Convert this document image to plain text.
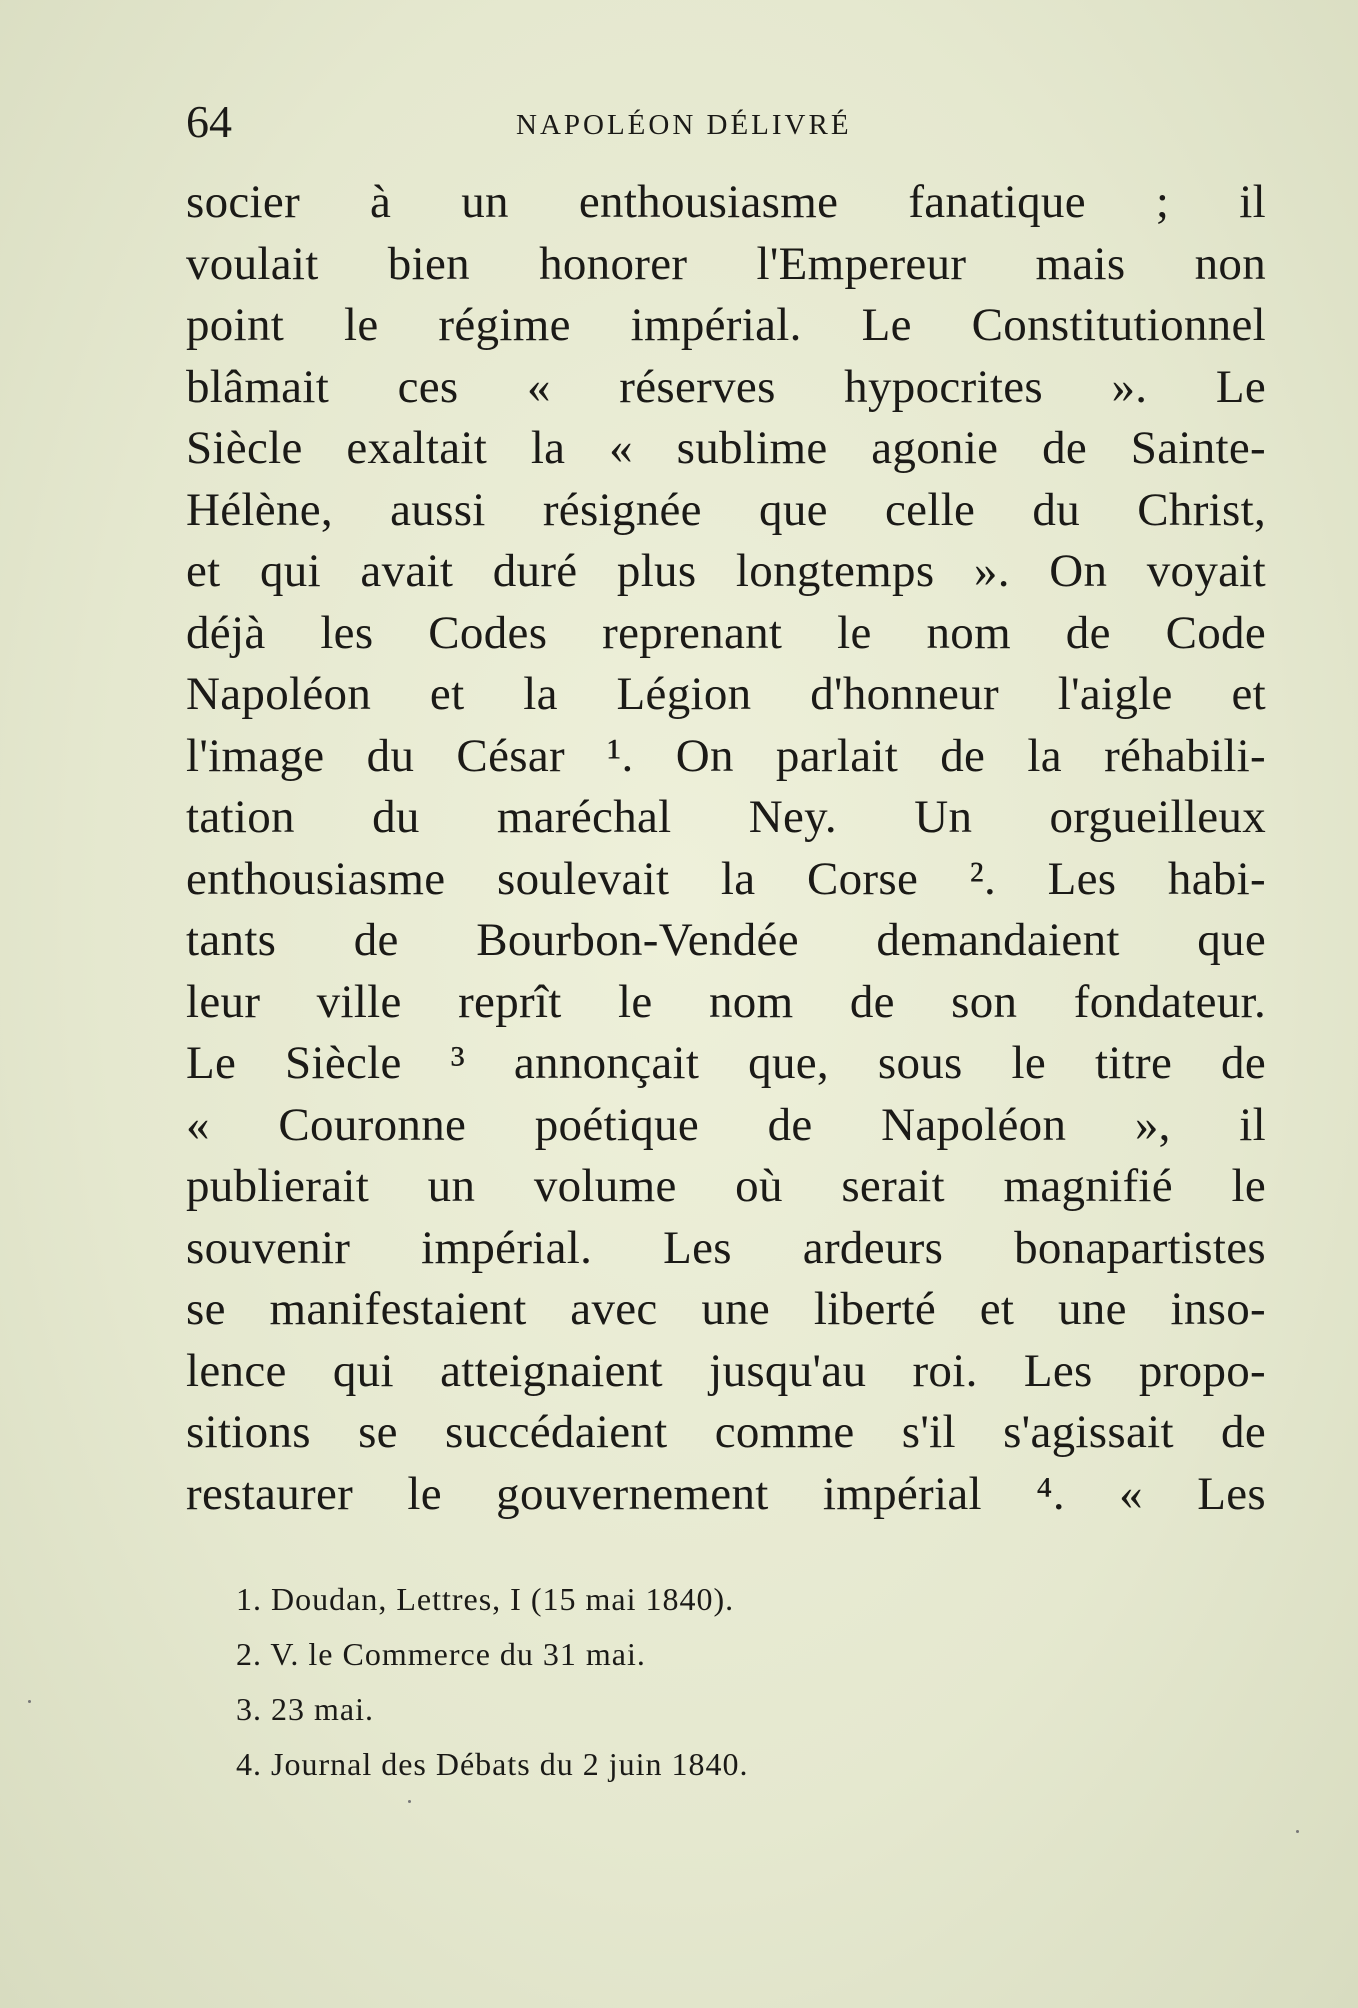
64	NAPOLÉON DÉLIVRÉ
socier à un enthousiasme fanatique ; il
voulait bien honorer l'Empereur mais non
point le régime impérial. Le Constitutionnel
blâmait ces « réserves hypocrites ». Le
Siècle exaltait la « sublime agonie de Sainte-
Hélène, aussi résignée que celle du Christ,
et qui avait duré plus longtemps ». On voyait
déjà les Codes reprenant le nom de Code
Napoléon et la Légion d'honneur l'aigle et
l'image du César ¹. On parlait de la réhabili-
tation du maréchal Ney. Un orgueilleux
enthousiasme soulevait la Corse ². Les habi-
tants de Bourbon-Vendée demandaient que
leur ville reprît le nom de son fondateur.
Le Siècle ³ annonçait que, sous le titre de
« Couronne poétique de Napoléon », il
publierait un volume où serait magnifié le
souvenir impérial. Les ardeurs bonapartistes
se manifestaient avec une liberté et une inso-
lence qui atteignaient jusqu'au roi. Les propo-
sitions se succédaient comme s'il s'agissait de
restaurer le gouvernement impérial ⁴. « Les
1. Doudan, Lettres, I (15 mai 1840).
2. V. le Commerce du 31 mai.
3. 23 mai.
4. Journal des Débats du 2 juin 1840.
